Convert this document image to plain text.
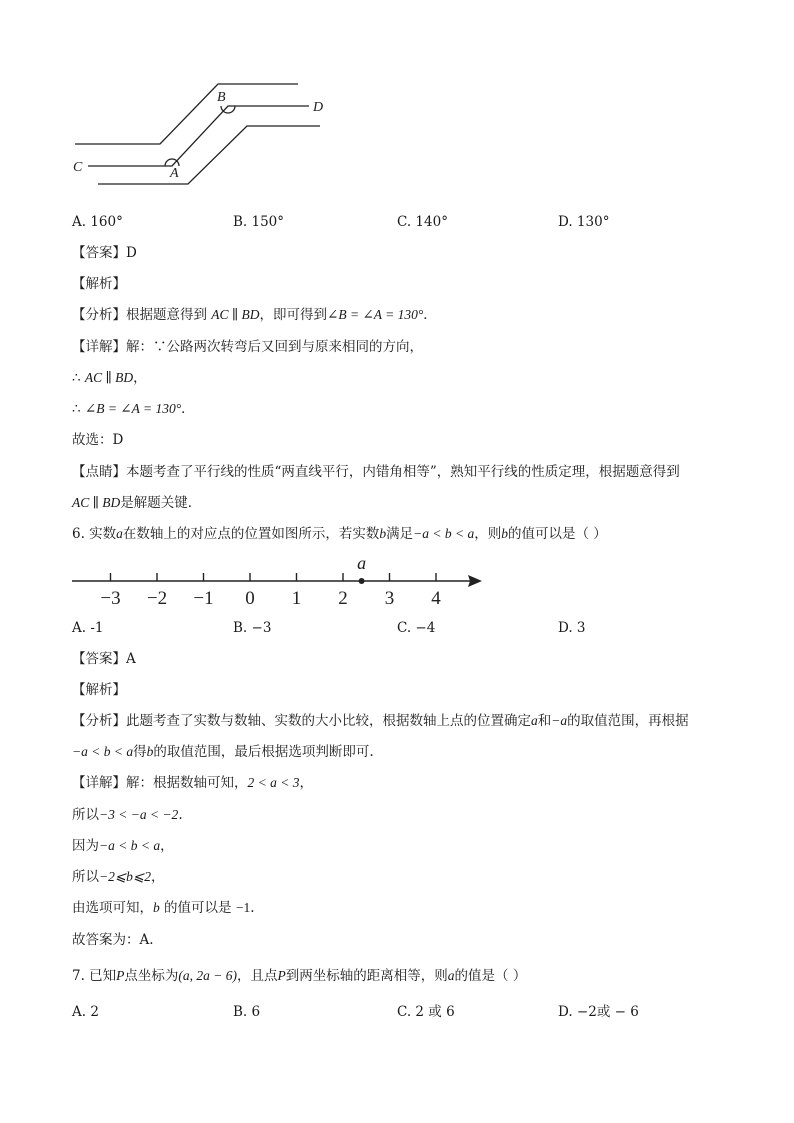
B
D
C	A
A. 160°	B. 150°	C. 140°	D. 130°
【答案】D
【解析】
【分析】根据题意得到 AC ∥ BD，即可得到∠B = ∠A = 130°．
【详解】解：∵公路两次转弯后又回到与原来相同的方向，
∴ AC ∥ BD，
∴ ∠B = ∠A = 130°．
故选：D
【点睛】本题考查了平行线的性质“两直线平行，内错角相等”，熟知平行线的性质定理，根据题意得到
AC ∥ BD是解题关键．
6. 实数a在数轴上的对应点的位置如图所示，若实数b满足−a < b < a，则b的值可以是（ ）
−3 −2 −1 0 1 2 3 4
a
A. -1	B. −3	C. −4	D. 3
【答案】A
【解析】
【分析】此题考查了实数与数轴、实数的大小比较，根据数轴上点的位置确定a和−a的取值范围，再根据
−a < b < a得b的取值范围，最后根据选项判断即可.
【详解】解：根据数轴可知，2 < a < 3，
所以−3 < −a < −2.
因为−a < b < a，
所以−2⩽b⩽2，
由选项可知，b 的值可以是 −1.
故答案为：A.
7. 已知P点坐标为(a, 2a − 6)，且点P到两坐标轴的距离相等，则a的值是（ ）
A. 2	B. 6	C. 2 或 6	D. −2或 − 6
